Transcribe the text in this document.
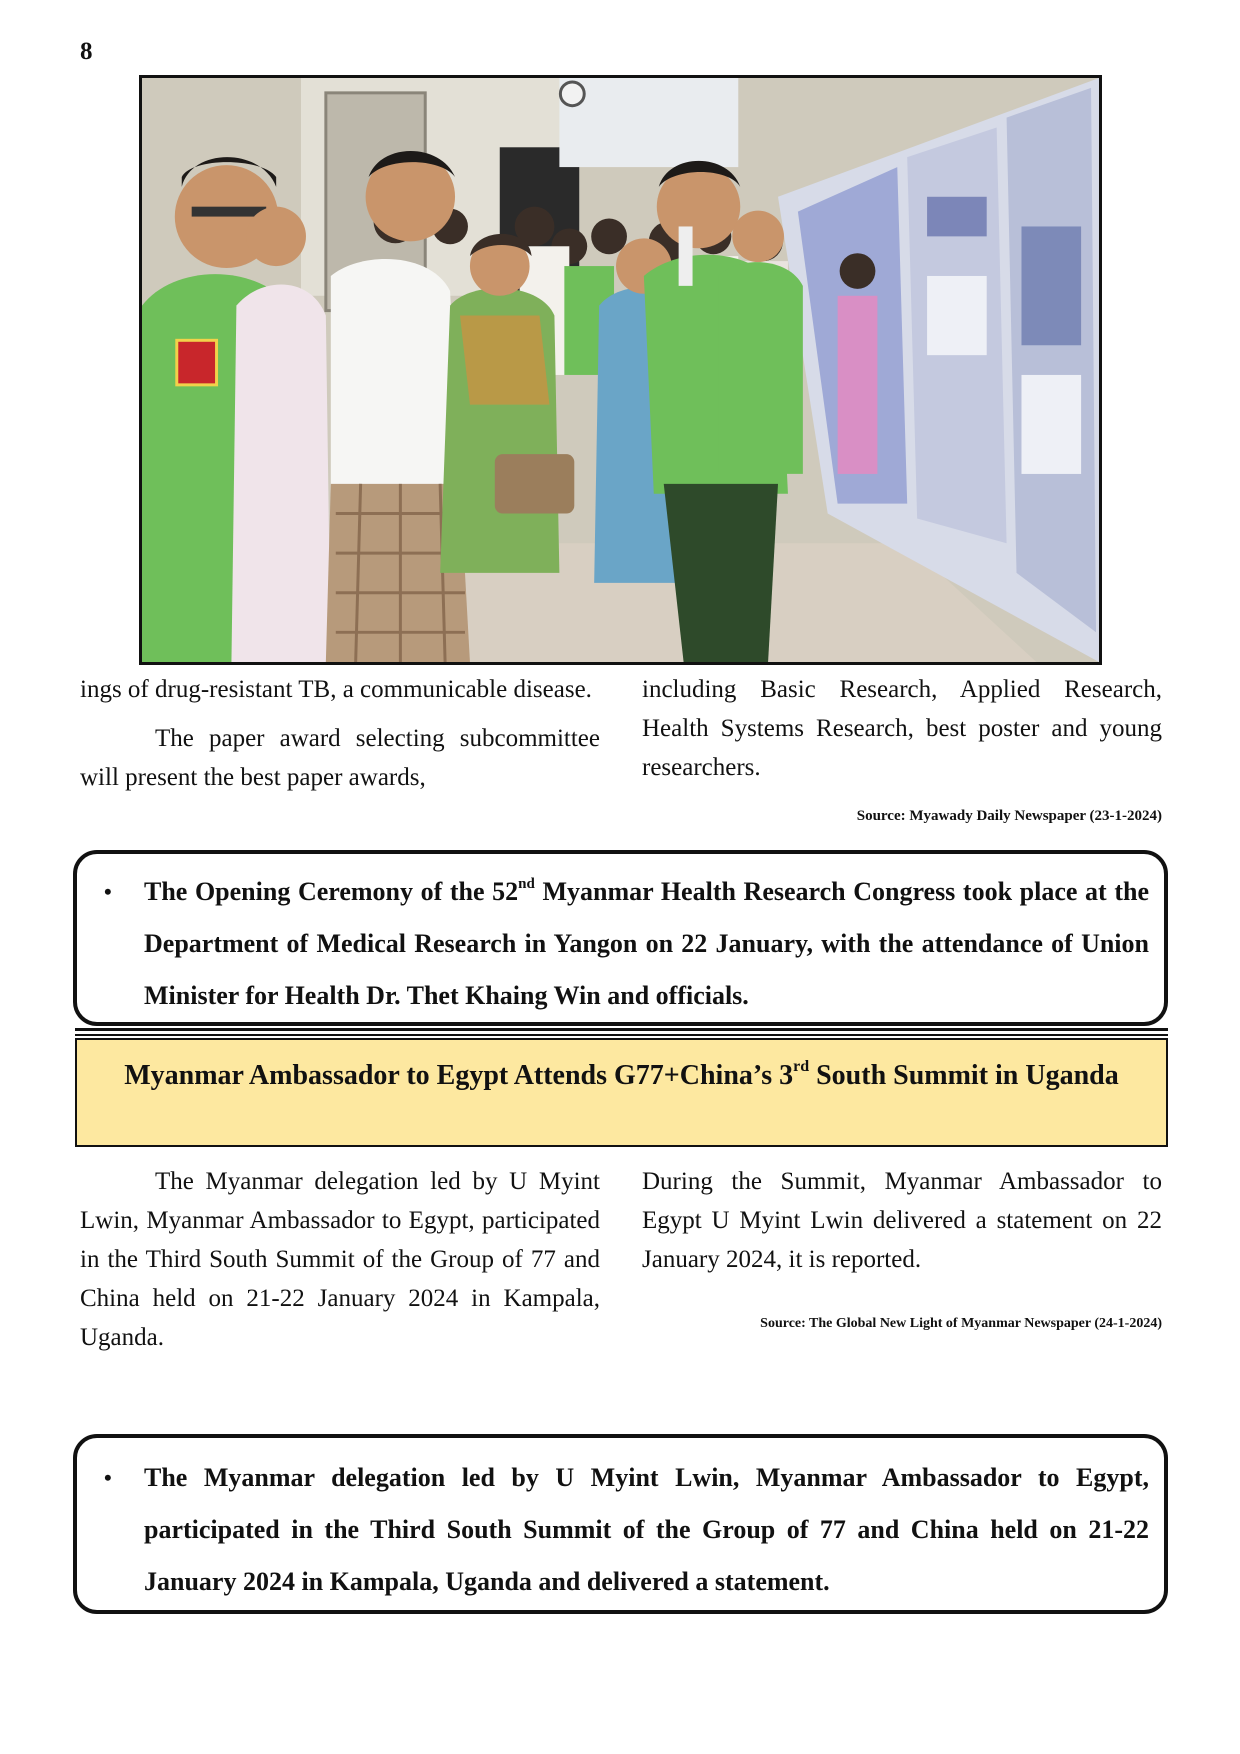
8

ings of drug-resistant TB, a communicable disease.

The paper award selecting subcommittee will present the best paper awards,

including Basic Research, Applied Research, Health Systems Research, best poster and young researchers.

Source: Myawady Daily Newspaper (23-1-2024)
• The Opening Ceremony of the 52nd Myanmar Health Research Congress took place at the Department of Medical Research in Yangon on 22 January, with the attendance of Union Minister for Health Dr. Thet Khaing Win and officials.
Myanmar Ambassador to Egypt Attends G77+China’s 3rd South Summit in Uganda

The Myanmar delegation led by U Myint Lwin, Myanmar Ambassador to Egypt, participated in the Third South Summit of the Group of 77 and China held on 21-22 January 2024 in Kampala, Uganda.

During the Summit, Myanmar Ambassador to Egypt U Myint Lwin delivered a statement on 22 January 2024, it is reported.

Source: The Global New Light of Myanmar Newspaper (24-1-2024)
• The Myanmar delegation led by U Myint Lwin, Myanmar Ambassador to Egypt, participated in the Third South Summit of the Group of 77 and China held on 21-22 January 2024 in Kampala, Uganda and delivered a statement.
